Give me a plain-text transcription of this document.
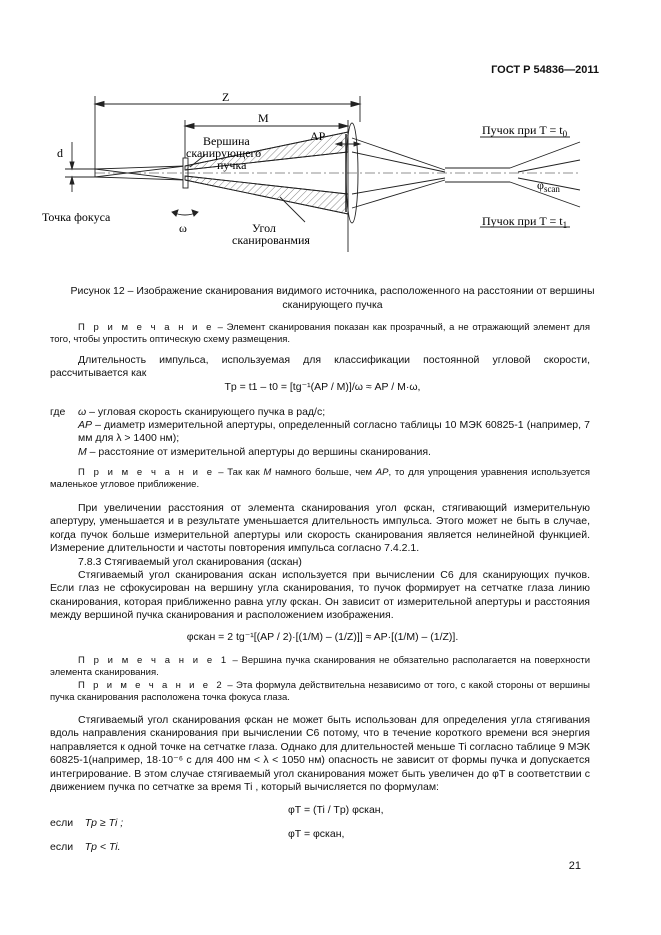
ГОСТ Р 54836—2011
Z
M
AP
d
Вершина
сканирующего
пучка
Точка фокуса
ω	Угол
сканированмия
Пучок при $T = t_0$
Пучок при $T = t_1$
$\varphi_{scan}$
Рисунок 12 – Изображение сканирования видимого источника, расположенного на расстоянии от вершины сканирующего пучка
П р и м е ч а н и е – Элемент сканирования показан как прозрачный, а не отражающий элемент для того, чтобы упростить оптическую схему размещения.
Длительность импульса, используемая для классификации постоянной угловой скорости, рассчитывается как
Tp = t1 – t0 = [tg⁻¹(AP / M)]/ω ≈ AP / M·ω,
где ω – угловая скорость сканирующего пучка в рад/с;
AP – диаметр измерительной апертуры, определенный согласно таблицы 10 МЭК 60825-1 (например, 7 мм для λ > 1400 нм);
M – расстояние от измерительной апертуры до вершины сканирования.
П р и м е ч а н и е – Так как M намного больше, чем AP, то для упрощения уравнения используется маленькое угловое приближение.
При увеличении расстояния от элемента сканирования угол φскан, стягивающий измерительную апертуру, уменьшается и в результате уменьшается длительность импульса. Этого может не быть в случае, когда пучок больше измерительной апертуры или скорость сканирования является нелинейной функцией. Измерение длительности и частоты повторения импульса согласно 7.4.2.1.
7.8.3 Стягиваемый угол сканирования (αскан)
Стягиваемый угол сканирования αскан используется при вычислении C6 для сканирующих пучков. Если глаз не сфокусирован на вершину угла сканирования, то пучок формирует на сетчатке глаза линию сканирования, которая приближенно равна углу φскан. Он зависит от измерительной апертуры и расстояния между вершиной пучка сканирования и расположением изображения.
φскан = 2 tg⁻¹[(AP / 2)·[(1/M) – (1/Z)]] ≈ AP·[(1/M) – (1/Z)].
П р и м е ч а н и е 1 – Вершина пучка сканирования не обязательно располагается на поверхности элемента сканирования.
П р и м е ч а н и е 2 – Эта формула действительна независимо от того, с какой стороны от вершины пучка сканирования расположена точка фокуса глаза.
Стягиваемый угол сканирования φскан не может быть использован для определения угла стягивания вдоль направления сканирования при вычислении C6 потому, что в течение короткого времени вся энергия направляется к одной точке на сетчатке глаза. Однако для длительностей меньше Ti согласно таблице 9 МЭК 60825-1(например, 18·10⁻⁶ с для 400 нм < λ < 1050 нм) опасность не зависит от формы пучка и допускается интегрирование. В этом случае стягиваемый угол сканирования может быть увеличен до φT в соответствии с движением пучка по сетчатке за время Ti , который вычисляется по формулам:
φT = (Ti / Tp) φскан,
если Tp ≥ Ti ;
φT = φскан,
если Tp < Ti.
21
